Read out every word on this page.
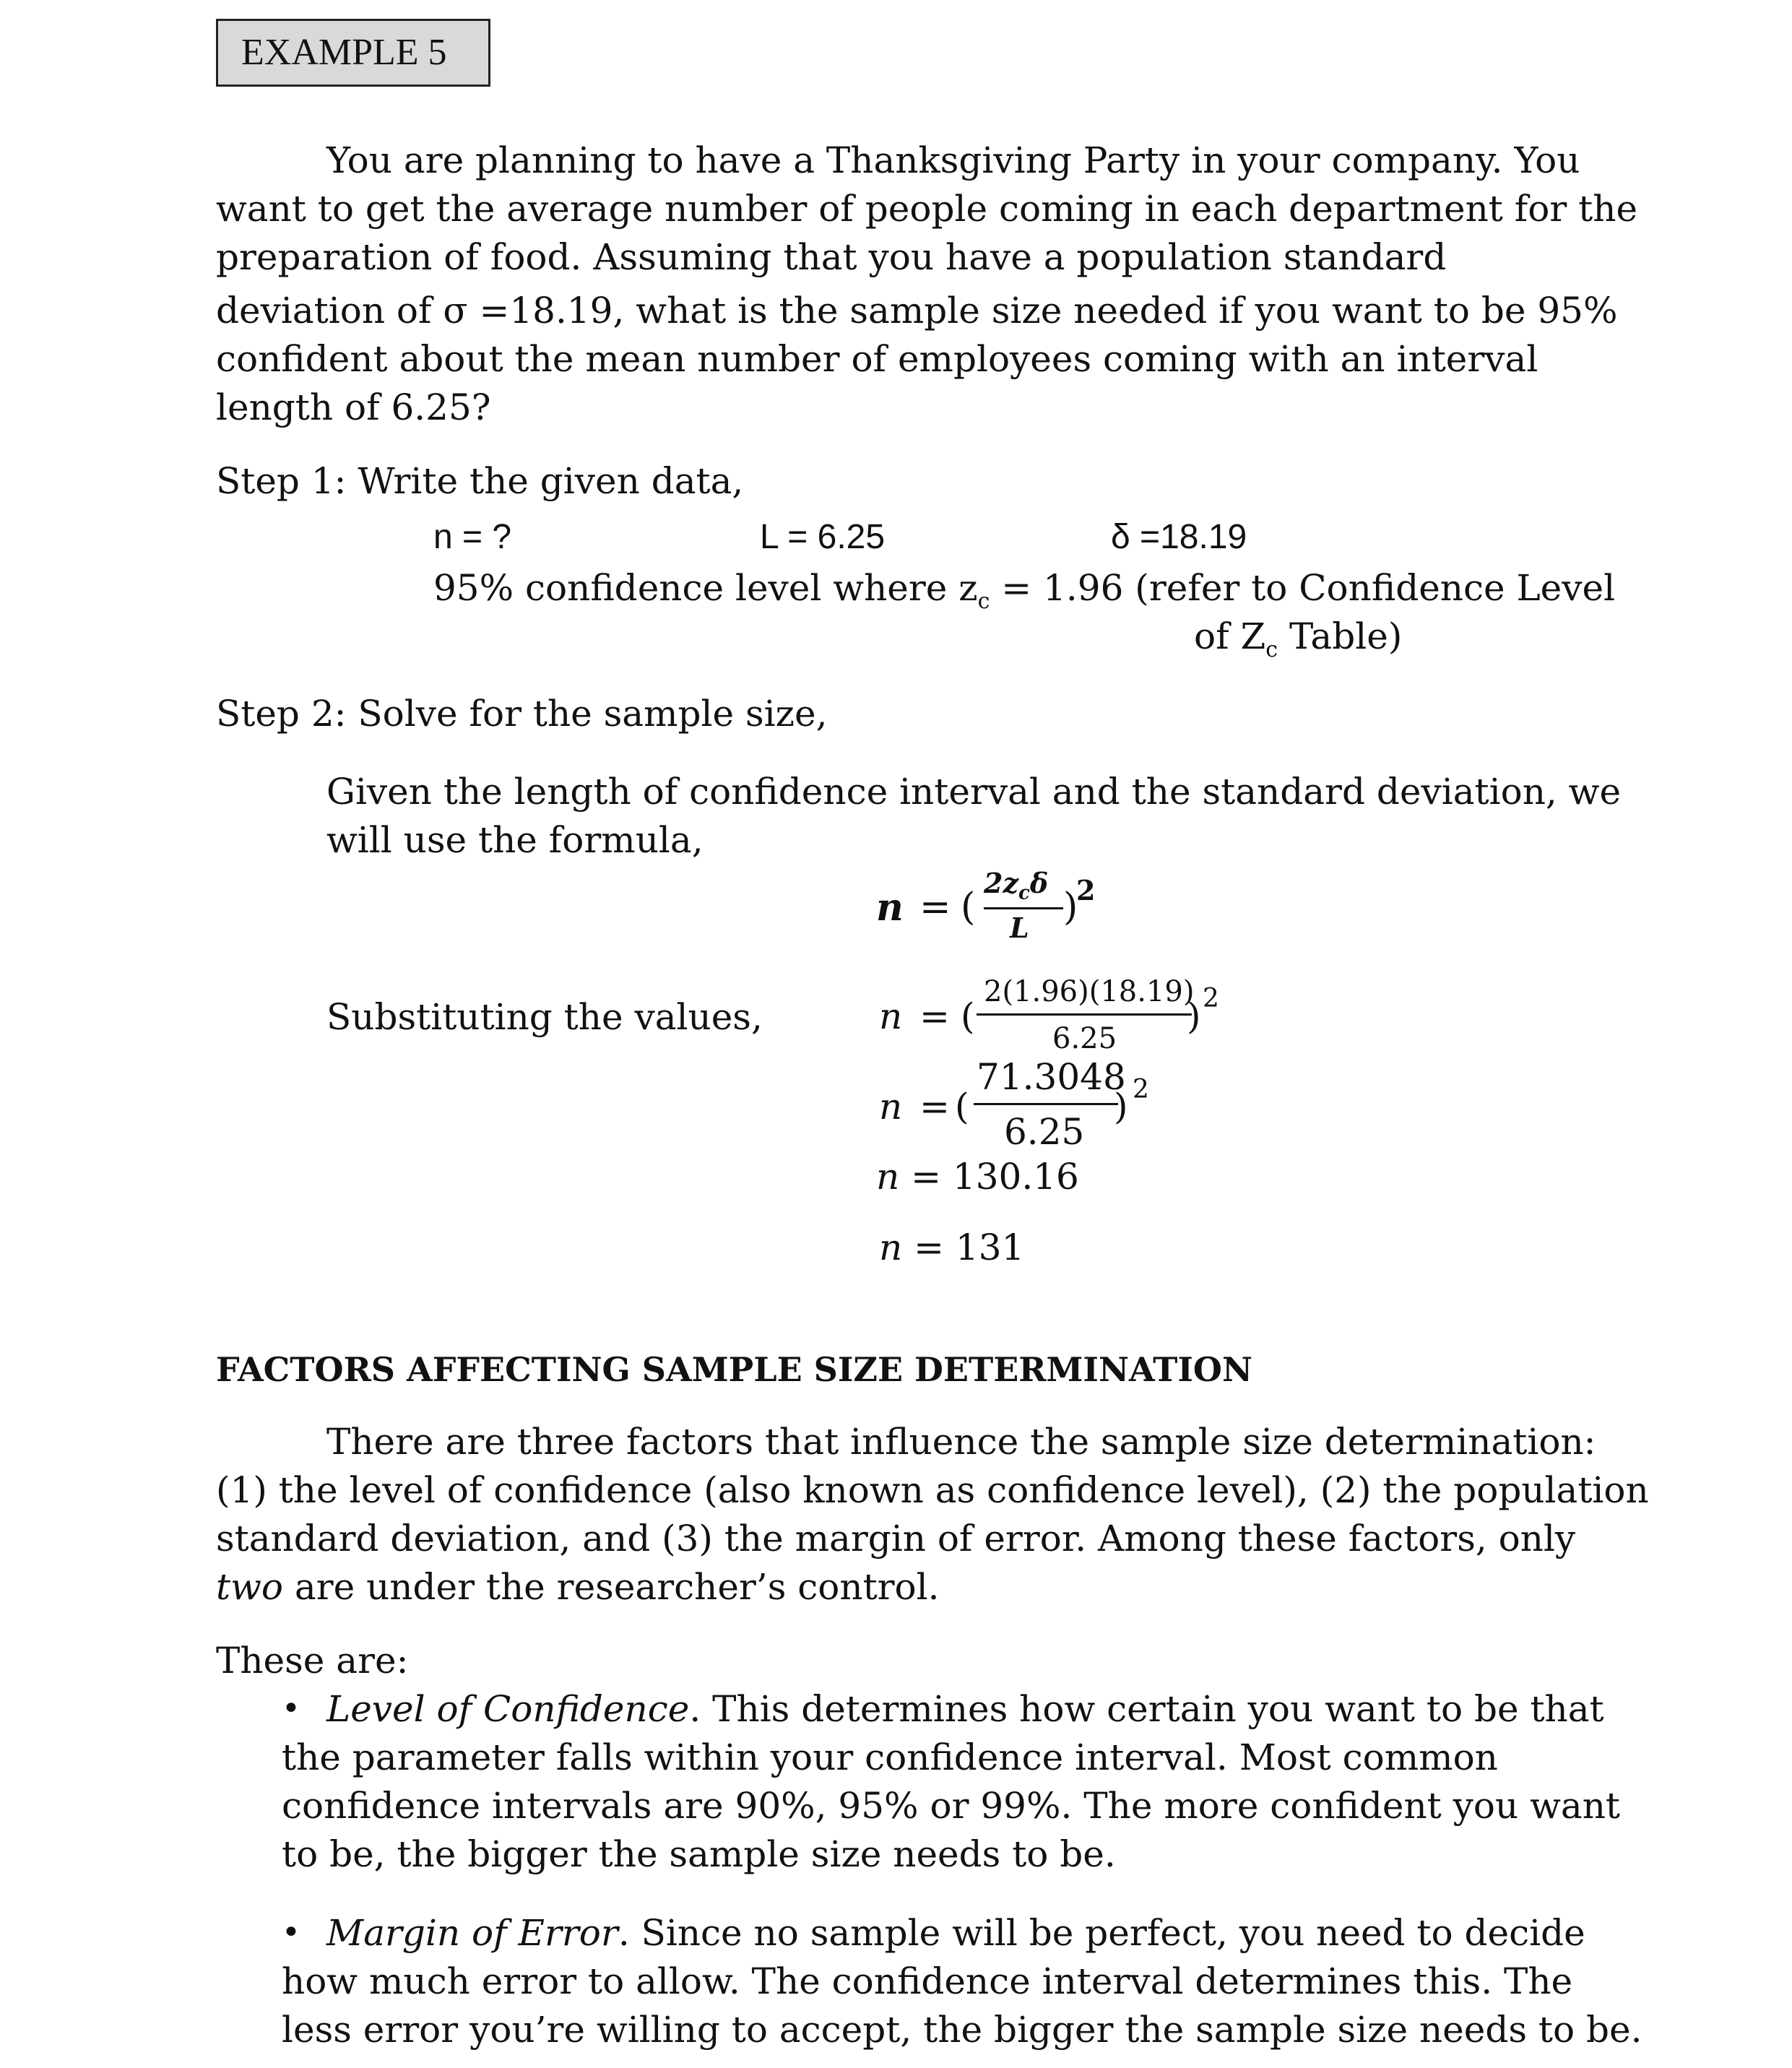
EXAMPLE 5
You are planning to have a Thanksgiving Party in your company. You
want to get the average number of people coming in each department for the
preparation of food. Assuming that you have a population standard
deviation of σ =18.19, what is the sample size needed if you want to be 95%
confident about the mean number of employees coming with an interval
length of 6.25?
Step 1: Write the given data,
n = ?	L = 6.25	δ =18.19
95% confidence level where $z_c = 1.96$ (refer to Confidence Level
of $Z_c$ Table)
Step 2: Solve for the sample size,
Given the length of confidence interval and the standard deviation, we
will use the formula,
n = (
$2z_c\delta$
L )
2
Substituting the values,	n = (
2(1.96)(18.19)
6.25
) 2
n = (
71.3048
6.25
) 2
n = 130.16
n = 131
FACTORS AFFECTING SAMPLE SIZE DETERMINATION
There are three factors that influence the sample size determination:
(1) the level of confidence (also known as confidence level), (2) the population
standard deviation, and (3) the margin of error. Among these factors, only
two are under the researcher’s control.
These are:
• Level of Confidence. This determines how certain you want to be that
the parameter falls within your confidence interval. Most common
confidence intervals are 90%, 95% or 99%. The more confident you want
to be, the bigger the sample size needs to be.
• Margin of Error. Since no sample will be perfect, you need to decide
how much error to allow. The confidence interval determines this. The
less error you’re willing to accept, the bigger the sample size needs to be.
